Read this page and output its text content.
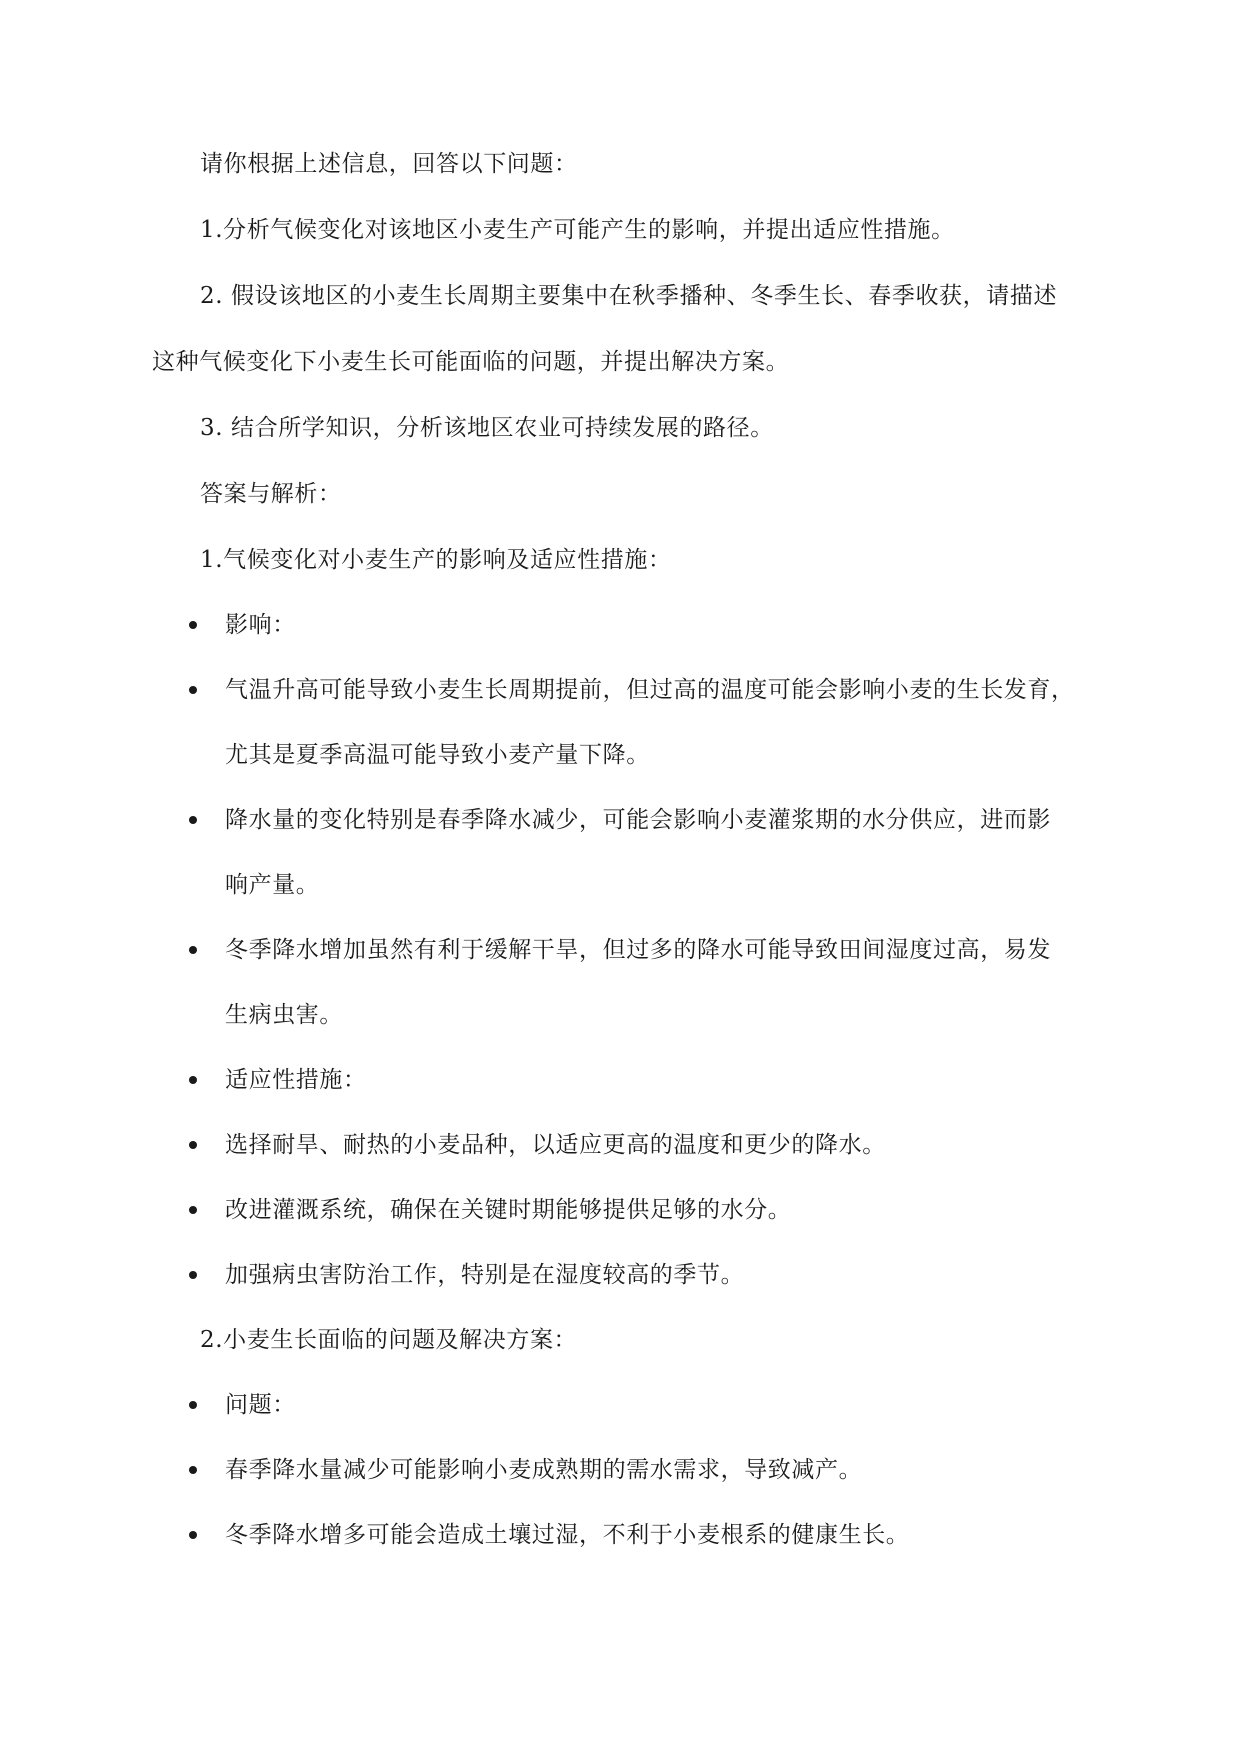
请你根据上述信息，回答以下问题：
1.分析气候变化对该地区小麦生产可能产生的影响，并提出适应性措施。
2. 假设该地区的小麦生长周期主要集中在秋季播种、冬季生长、春季收获，请描述
这种气候变化下小麦生长可能面临的问题，并提出解决方案。
3. 结合所学知识，分析该地区农业可持续发展的路径。
答案与解析：
1.气候变化对小麦生产的影响及适应性措施：
影响：
气温升高可能导致小麦生长周期提前，但过高的温度可能会影响小麦的生长发育，
尤其是夏季高温可能导致小麦产量下降。
降水量的变化特别是春季降水减少，可能会影响小麦灌浆期的水分供应，进而影
响产量。
冬季降水增加虽然有利于缓解干旱，但过多的降水可能导致田间湿度过高，易发
生病虫害。
适应性措施：
选择耐旱、耐热的小麦品种，以适应更高的温度和更少的降水。
改进灌溉系统，确保在关键时期能够提供足够的水分。
加强病虫害防治工作，特别是在湿度较高的季节。
2.小麦生长面临的问题及解决方案：
问题：
春季降水量减少可能影响小麦成熟期的需水需求，导致减产。
冬季降水增多可能会造成土壤过湿，不利于小麦根系的健康生长。
